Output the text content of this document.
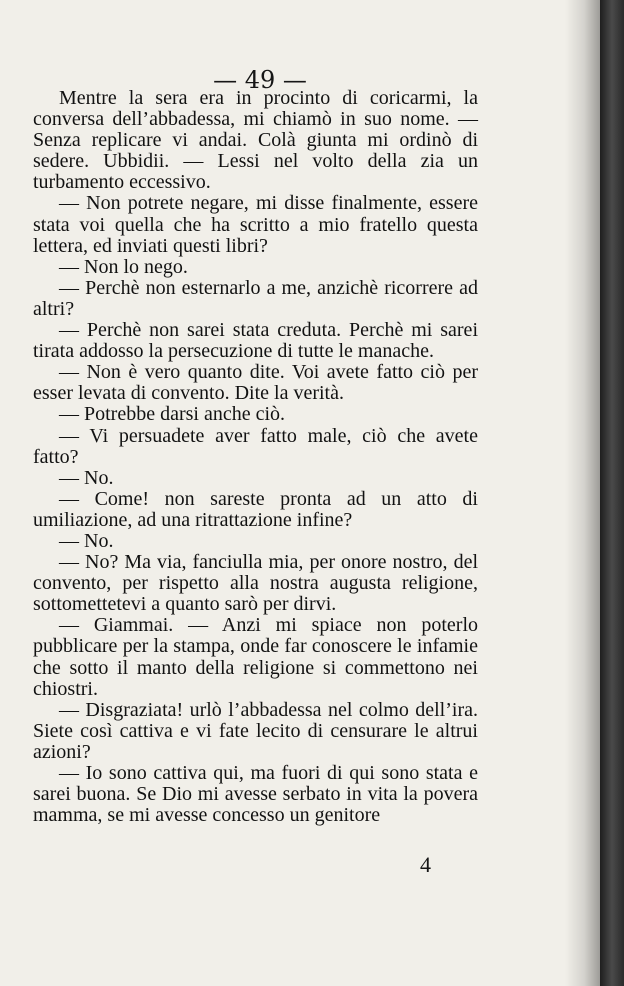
— 49 —

Mentre la sera era in procinto di coricarmi, la conversa dell’abbadessa, mi chiamò in suo nome. — Senza replicare vi andai. Colà giunta mi ordinò di sedere. Ubbidii. — Lessi nel volto della zia un turbamento eccessivo.

— Non potrete negare, mi disse finalmente, essere stata voi quella che ha scritto a mio fratello questa lettera, ed inviati questi libri?

— Non lo nego.

— Perchè non esternarlo a me, anzichè ricorrere ad altri?

— Perchè non sarei stata creduta. Perchè mi sarei tirata addosso la persecuzione di tutte le manache.

— Non è vero quanto dite. Voi avete fatto ciò per esser levata di convento. Dite la verità.

— Potrebbe darsi anche ciò.

— Vi persuadete aver fatto male, ciò che avete fatto?

— No.

— Come! non sareste pronta ad un atto di umiliazione, ad una ritrattazione infine?

— No.

— No? Ma via, fanciulla mia, per onore nostro, del convento, per rispetto alla nostra augusta religione, sottomettetevi a quanto sarò per dirvi.

— Giammai. — Anzi mi spiace non poterlo pubblicare per la stampa, onde far conoscere le infamie che sotto il manto della religione si commettono nei chiostri.

— Disgraziata! urlò l’abbadessa nel colmo dell’ira. Siete così cattiva e vi fate lecito di censurare le altrui azioni?

— Io sono cattiva qui, ma fuori di qui sono stata e sarei buona. Se Dio mi avesse serbato in vita la povera mamma, se mi avesse concesso un genitore

4
